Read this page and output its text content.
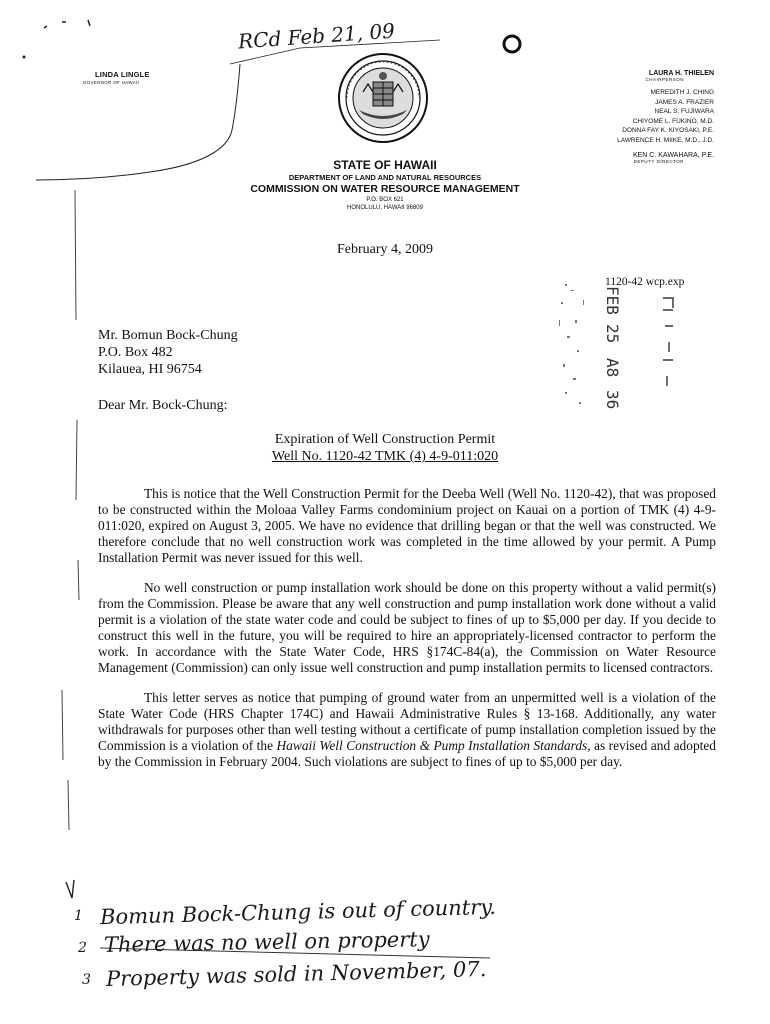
RCd Feb 21, 09
LINDA LINGLE
GOVERNOR OF HAWAII
LAURA H. THIELEN
CHAIRPERSON
MEREDITH J. CHING
JAMES A. FRAZIER
NEAL S. FUJIWARA
CHIYOME L. FUKINO, M.D.
DONNA FAY K. KIYOSAKI, P.E.
LAWRENCE H. MIIKE, M.D., J.D.
KEN C. KAWAHARA, P.E.
DEPUTY DIRECTOR
STATE OF HAWAII
DEPARTMENT OF LAND AND NATURAL RESOURCES
COMMISSION ON WATER RESOURCE MANAGEMENT
P.O. BOX 621
HONOLULU, HAWAII 96809
February 4, 2009
1120-42 wcp.exp
FEB
25
A8
36
Mr. Bomun Bock-Chung
P.O. Box 482
Kilauea, HI 96754
Dear Mr. Bock-Chung:
Expiration of Well Construction Permit
Well No. 1120-42 TMK (4) 4-9-011:020

This is notice that the Well Construction Permit for the Deeba Well (Well No. 1120-42), that was proposed to be constructed within the Moloaa Valley Farms condominium project on Kauai on a portion of TMK (4) 4-9-011:020, expired on August 3, 2005. We have no evidence that drilling began or that the well was constructed. We therefore conclude that no well construction work was completed in the time allowed by your permit. A Pump Installation Permit was never issued for this well.

No well construction or pump installation work should be done on this property without a valid permit(s) from the Commission. Please be aware that any well construction and pump installation work done without a valid permit is a violation of the state water code and could be subject to fines of up to $5,000 per day. If you decide to construct this well in the future, you will be required to hire an appropriately-licensed contractor to perform the work. In accordance with the State Water Code, HRS §174C-84(a), the Commission on Water Resource Management (Commission) can only issue well construction and pump installation permits to licensed contractors.

This letter serves as notice that pumping of ground water from an unpermitted well is a violation of the State Water Code (HRS Chapter 174C) and Hawaii Administrative Rules § 13-168. Additionally, any water withdrawals for purposes other than well testing without a certificate of pump installation completion issued by the Commission is a violation of the Hawaii Well Construction & Pump Installation Standards, as revised and adopted by the Commission in February 2004. Such violations are subject to fines of up to $5,000 per day.

1 Bomun Bock-Chung is out of country.
2 There was no well on property
3 Property was sold in November, 07.
